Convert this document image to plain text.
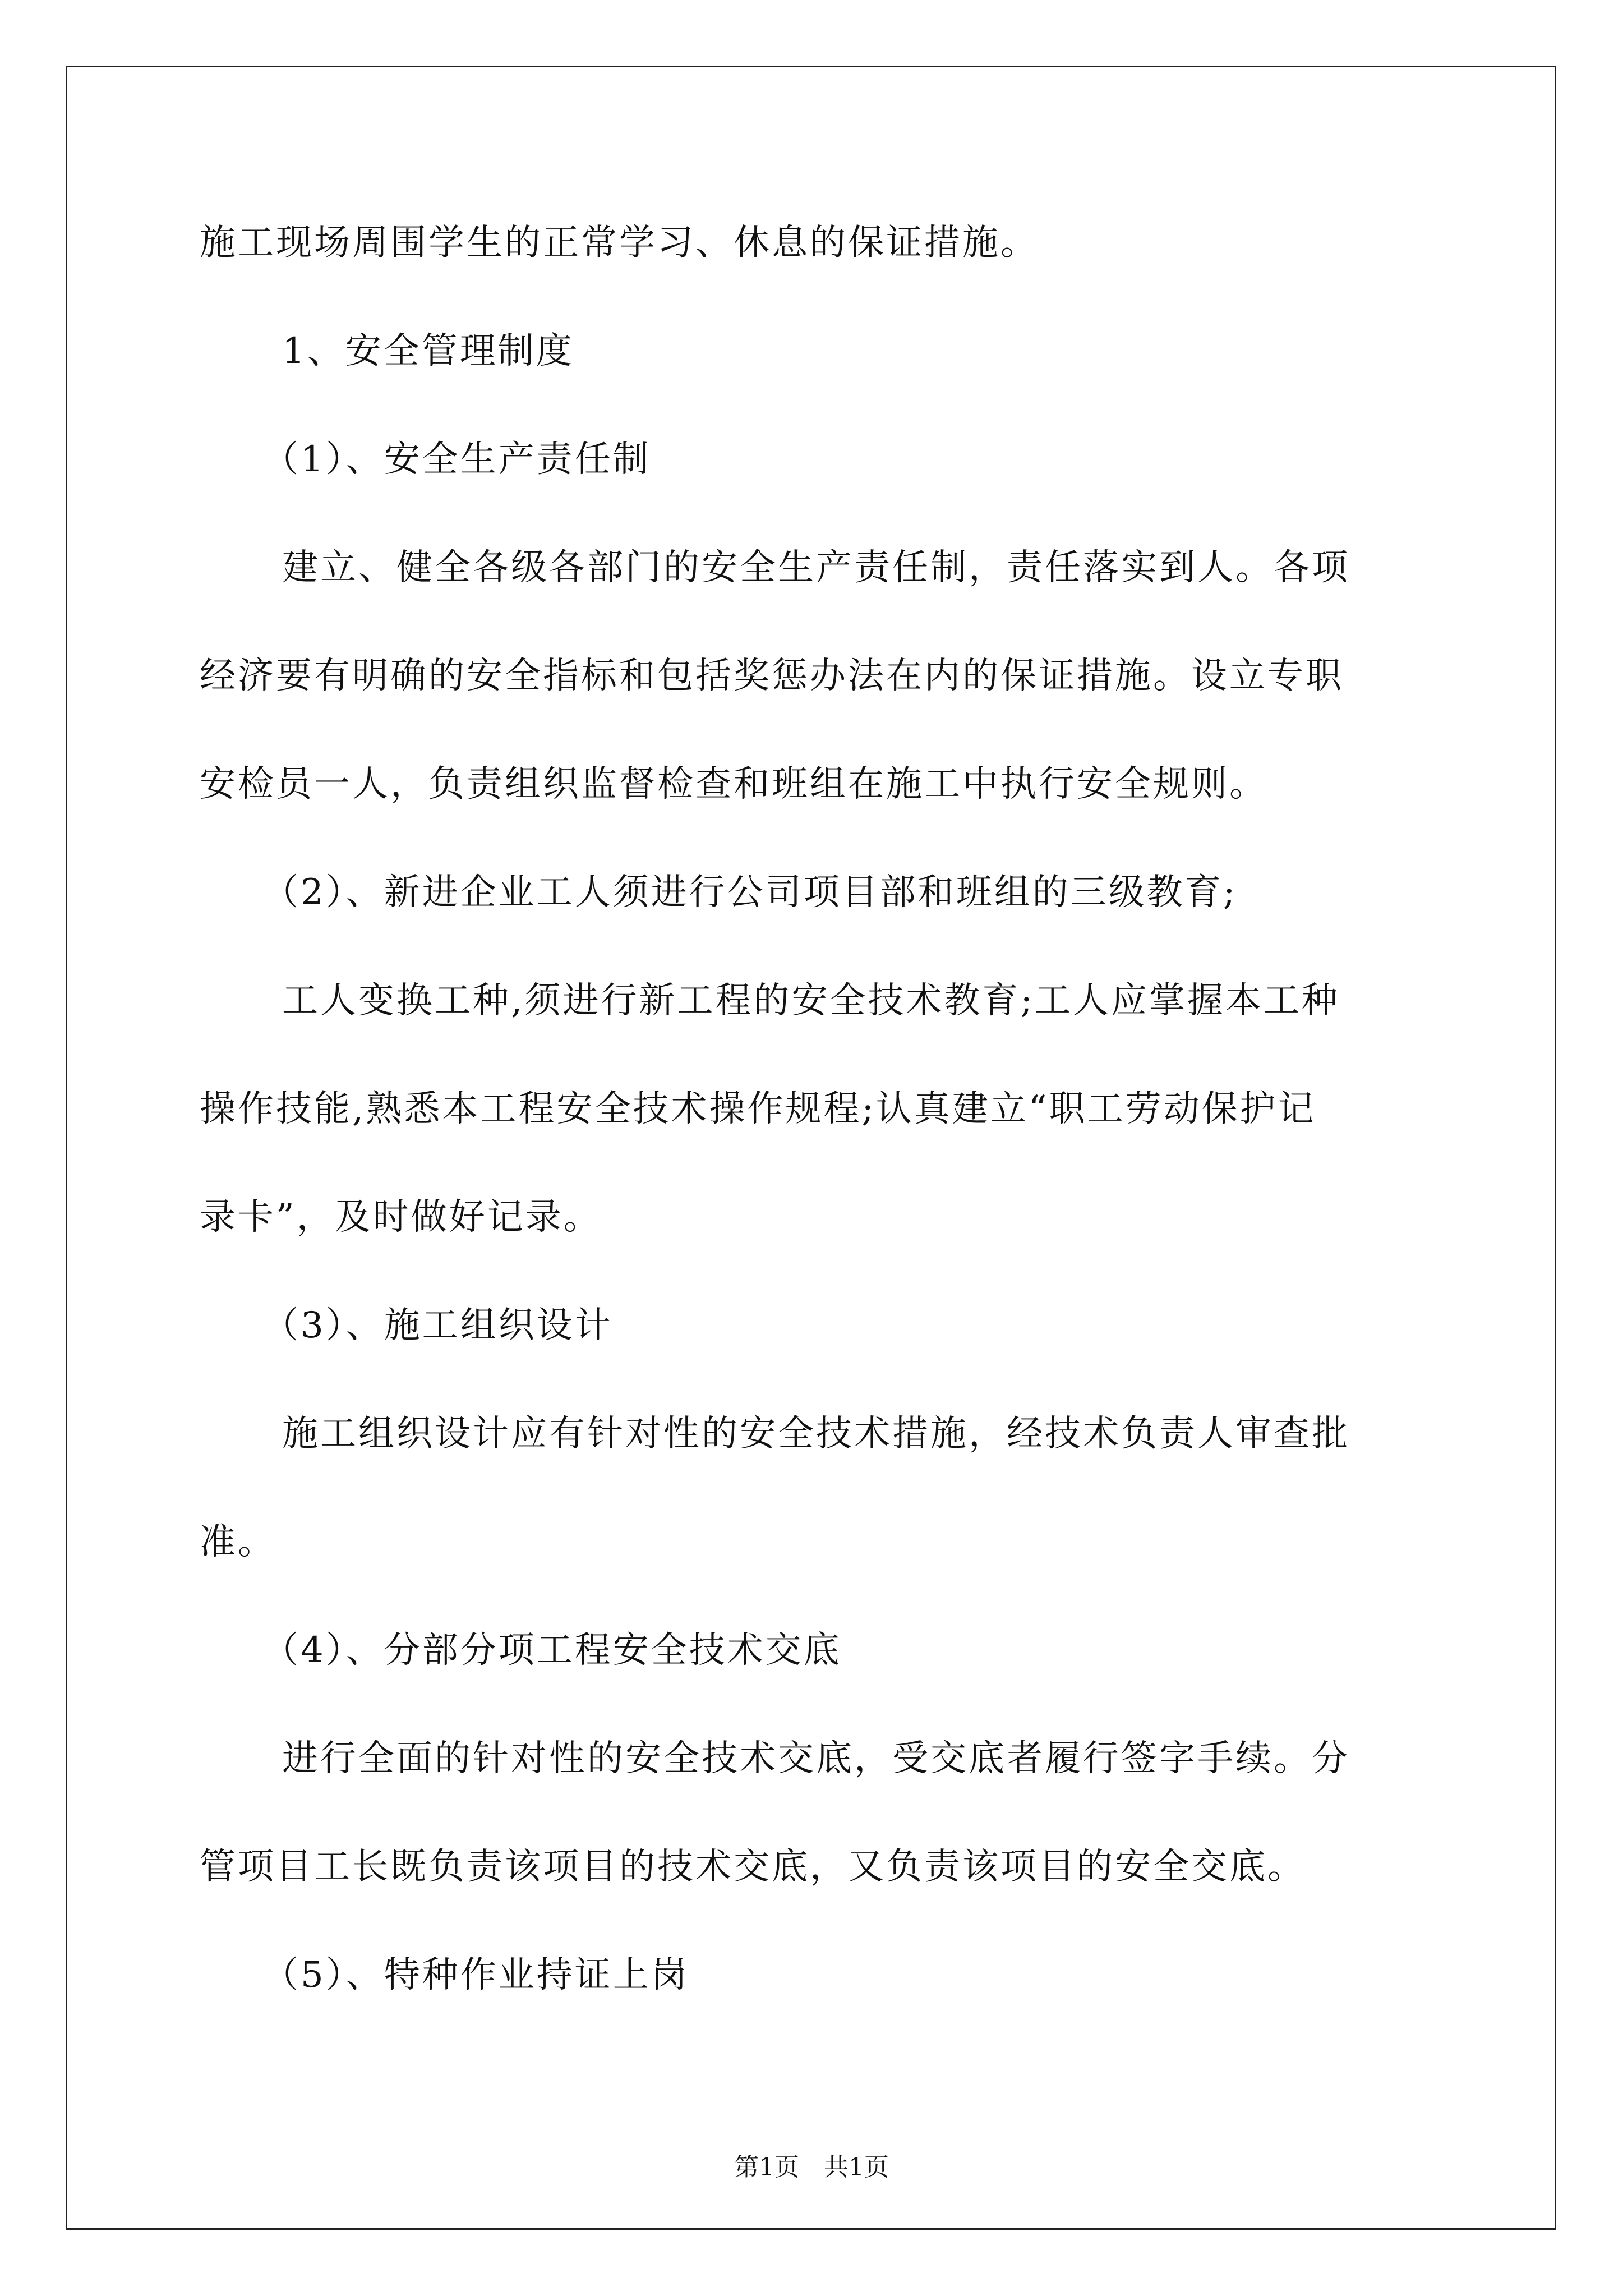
施工现场周围学生的正常学习、休息的保证措施。
1、安全管理制度
（1）、安全生产责任制
建立、健全各级各部门的安全生产责任制，责任落实到人。各项
经济要有明确的安全指标和包括奖惩办法在内的保证措施。设立专职
安检员一人，负责组织监督检查和班组在施工中执行安全规则。
（2）、新进企业工人须进行公司项目部和班组的三级教育;
工人变换工种,须进行新工程的安全技术教育;工人应掌握本工种
操作技能,熟悉本工程安全技术操作规程;认真建立“职工劳动保护记
录卡”，及时做好记录。
（3）、施工组织设计
施工组织设计应有针对性的安全技术措施，经技术负责人审查批
准。
（4）、分部分项工程安全技术交底
进行全面的针对性的安全技术交底，受交底者履行签字手续。分
管项目工长既负责该项目的技术交底，又负责该项目的安全交底。
（5）、特种作业持证上岗
第1页　共1页
